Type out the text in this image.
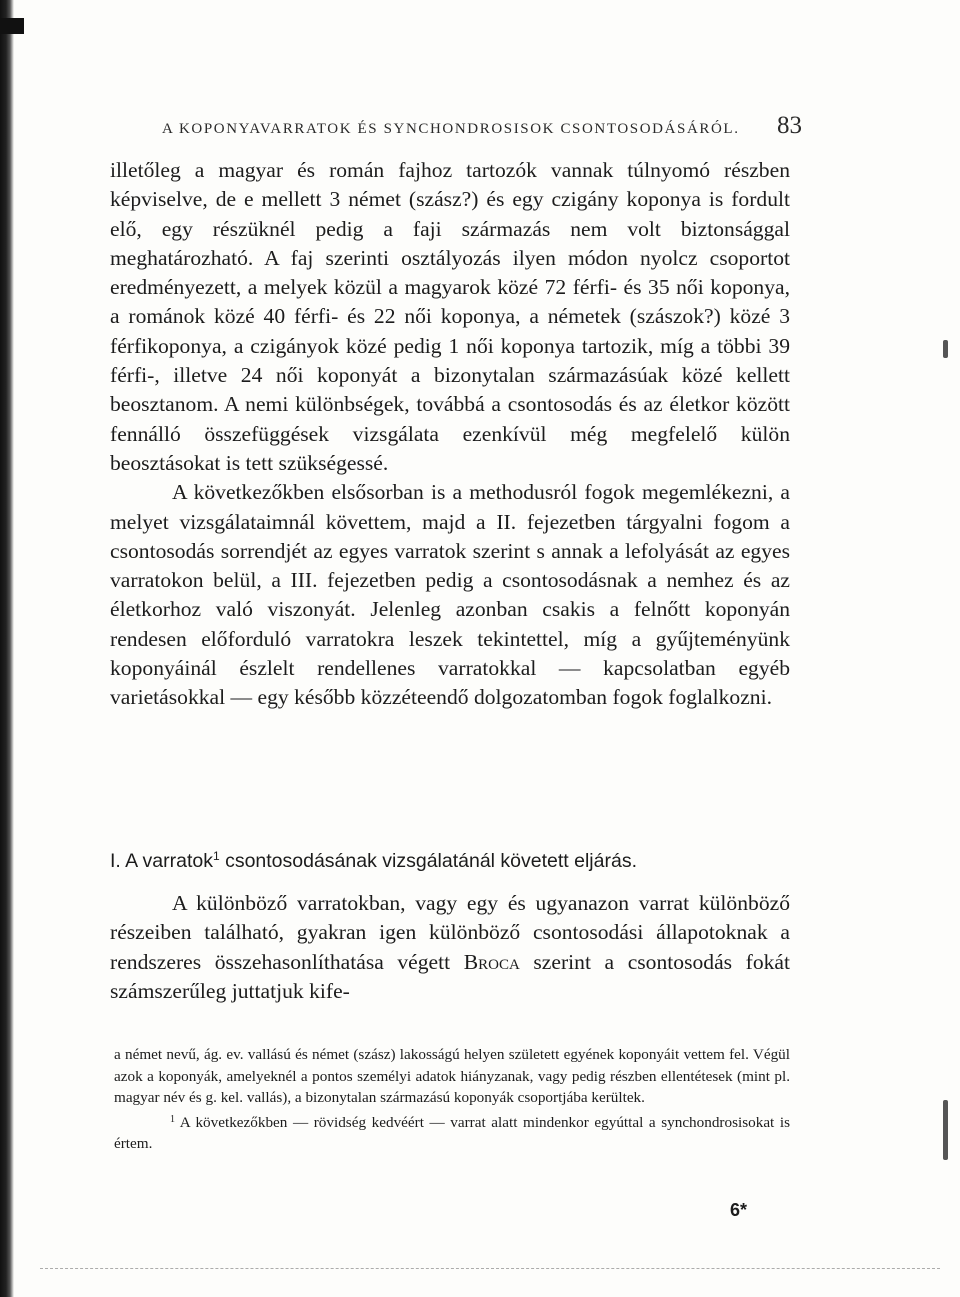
A KOPONYAVARRATOK ÉS SYNCHONDROSISOK CSONTOSODÁSÁRÓL. 83

illetőleg a magyar és román fajhoz tartozók vannak túlnyomó részben képviselve, de e mellett 3 német (szász?) és egy czigány koponya is fordult elő, egy részüknél pedig a faji származás nem volt biztonsággal meghatározható. A faj szerinti osztályozás ilyen módon nyolcz csoportot eredményezett, a melyek közül a magyarok közé 72 férfi- és 35 női koponya, a románok közé 40 férfi- és 22 női koponya, a németek (szászok?) közé 3 férfikoponya, a czigányok közé pedig 1 női koponya tartozik, míg a többi 39 férfi-, illetve 24 női koponyát a bizonytalan származásúak közé kellett beosztanom. A nemi különbségek, továbbá a csontosodás és az életkor között fennálló összefüggések vizsgálata ezenkívül még megfelelő külön beosztásokat is tett szükségessé.

A következőkben elsősorban is a methodusról fogok megemlékezni, a melyet vizsgálataimnál követtem, majd a II. fejezetben tárgyalni fogom a csontosodás sorrendjét az egyes varratok szerint s annak a lefolyását az egyes varratokon belül, a III. fejezetben pedig a csontosodásnak a nemhez és az életkorhoz való viszonyát. Jelenleg azonban csakis a felnőtt koponyán rendesen előforduló varratokra leszek tekintettel, míg a gyűjteményünk koponyáinál észlelt rendellenes varratokkal — kapcsolatban egyéb varietásokkal — egy később közzéteendő dolgozatomban fogok foglalkozni.

I. A varratok$^1$ csontosodásának vizsgálatánál követett eljárás.

A különböző varratokban, vagy egy és ugyanazon varrat különböző részeiben található, gyakran igen különböző csontosodási állapotoknak a rendszeres összehasonlíthatása végett Broca szerint a csontosodás fokát számszerűleg juttatjuk kife-

a német nevű, ág. ev. vallású és német (szász) lakosságú helyen született egyének koponyáit vettem fel. Végül azok a koponyák, amelyeknél a pontos személyi adatok hiányzanak, vagy pedig részben ellentétesek (mint pl. magyar név és g. kel. vallás), a bizonytalan származású koponyák csoportjába kerültek.

$^1$ A következőkben — rövidség kedvéért — varrat alatt mindenkor egyúttal a synchondrosisokat is értem.

6*
